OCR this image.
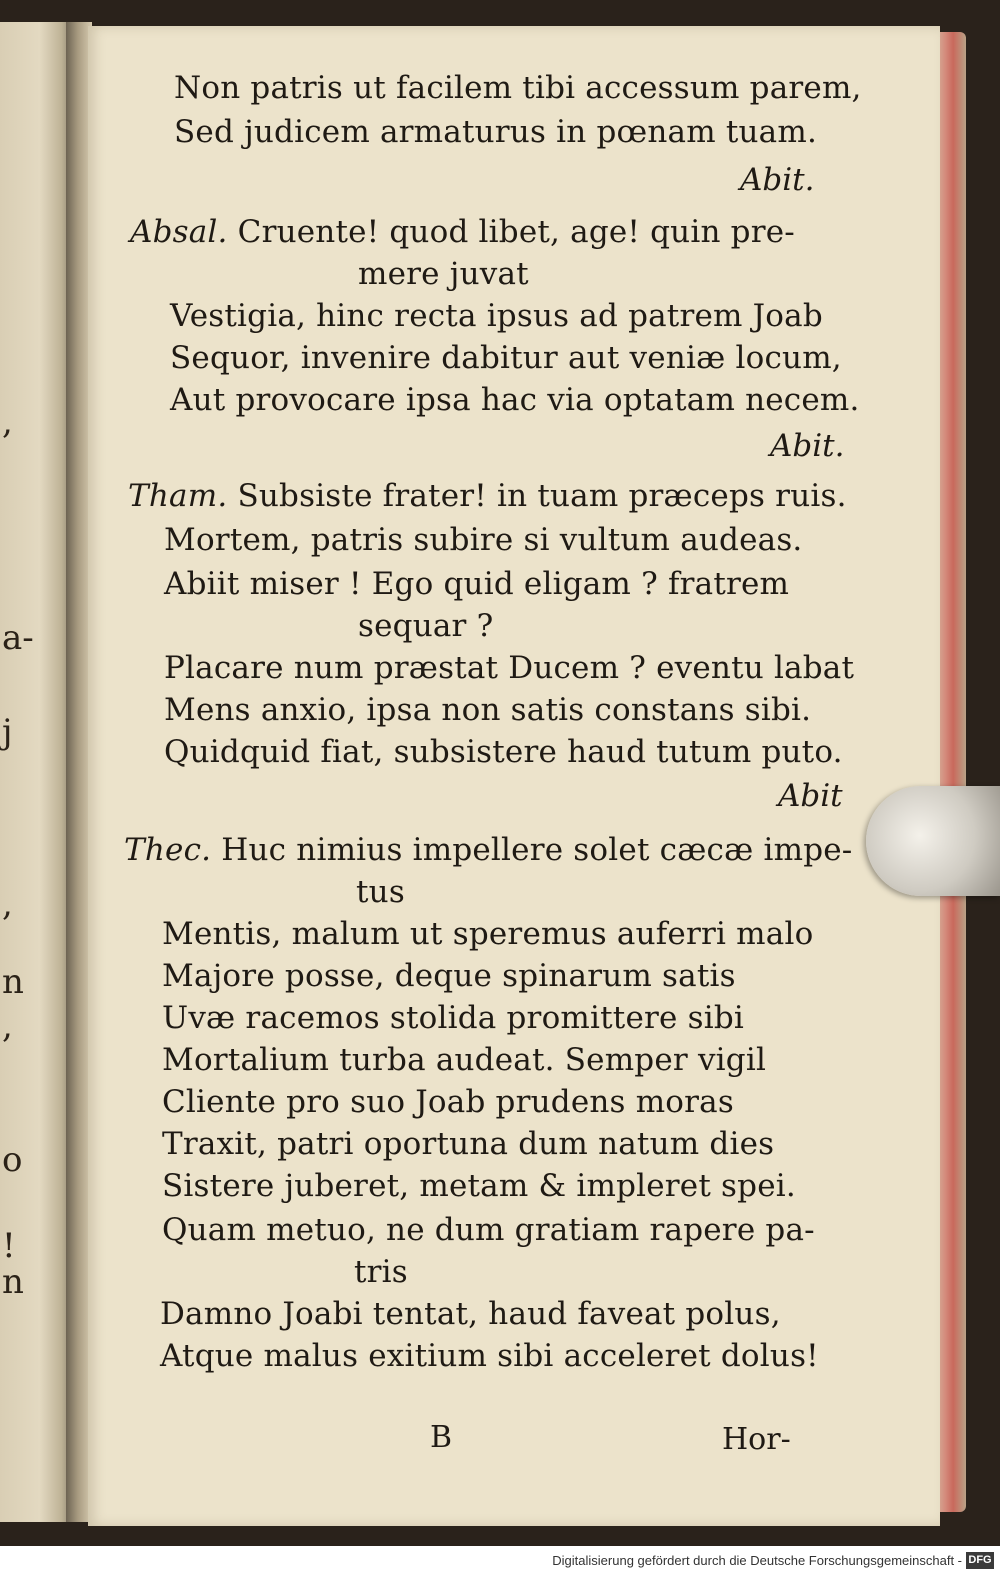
,
a-
j
,
n
,
o
!
n
Non patris ut facilem tibi accessum parem,
Sed judicem armaturus in pœnam tuam.
Abit.
Absal. Cruente! quod libet, age! quin pre-
mere juvat
Vestigia, hinc recta ipsus ad patrem Joab
Sequor, invenire dabitur aut veniæ locum,
Aut provocare ipsa hac via optatam necem.
Abit.
Tham. Subsiste frater! in tuam præceps ruis.
Mortem, patris subire si vultum audeas.
Abiit miser ! Ego quid eligam ? fratrem
sequar ?
Placare num præstat Ducem ? eventu labat
Mens anxio, ipsa non satis constans sibi.
Quidquid fiat, subsistere haud tutum puto.
Abit
Thec. Huc nimius impellere solet cæcæ impe-
tus
Mentis, malum ut speremus auferri malo
Majore posse, deque spinarum satis
Uvæ racemos stolida promittere sibi
Mortalium turba audeat. Semper vigil
Cliente pro suo Joab prudens moras
Traxit, patri oportuna dum natum dies
Sistere juberet, metam & impleret spei.
Quam metuo, ne dum gratiam rapere pa-
tris
Damno Joabi tentat, haud faveat polus,
Atque malus exitium sibi acceleret dolus!
B	Hor-
Digitalisierung gefördert durch die Deutsche Forschungsgemeinschaft - DFG
